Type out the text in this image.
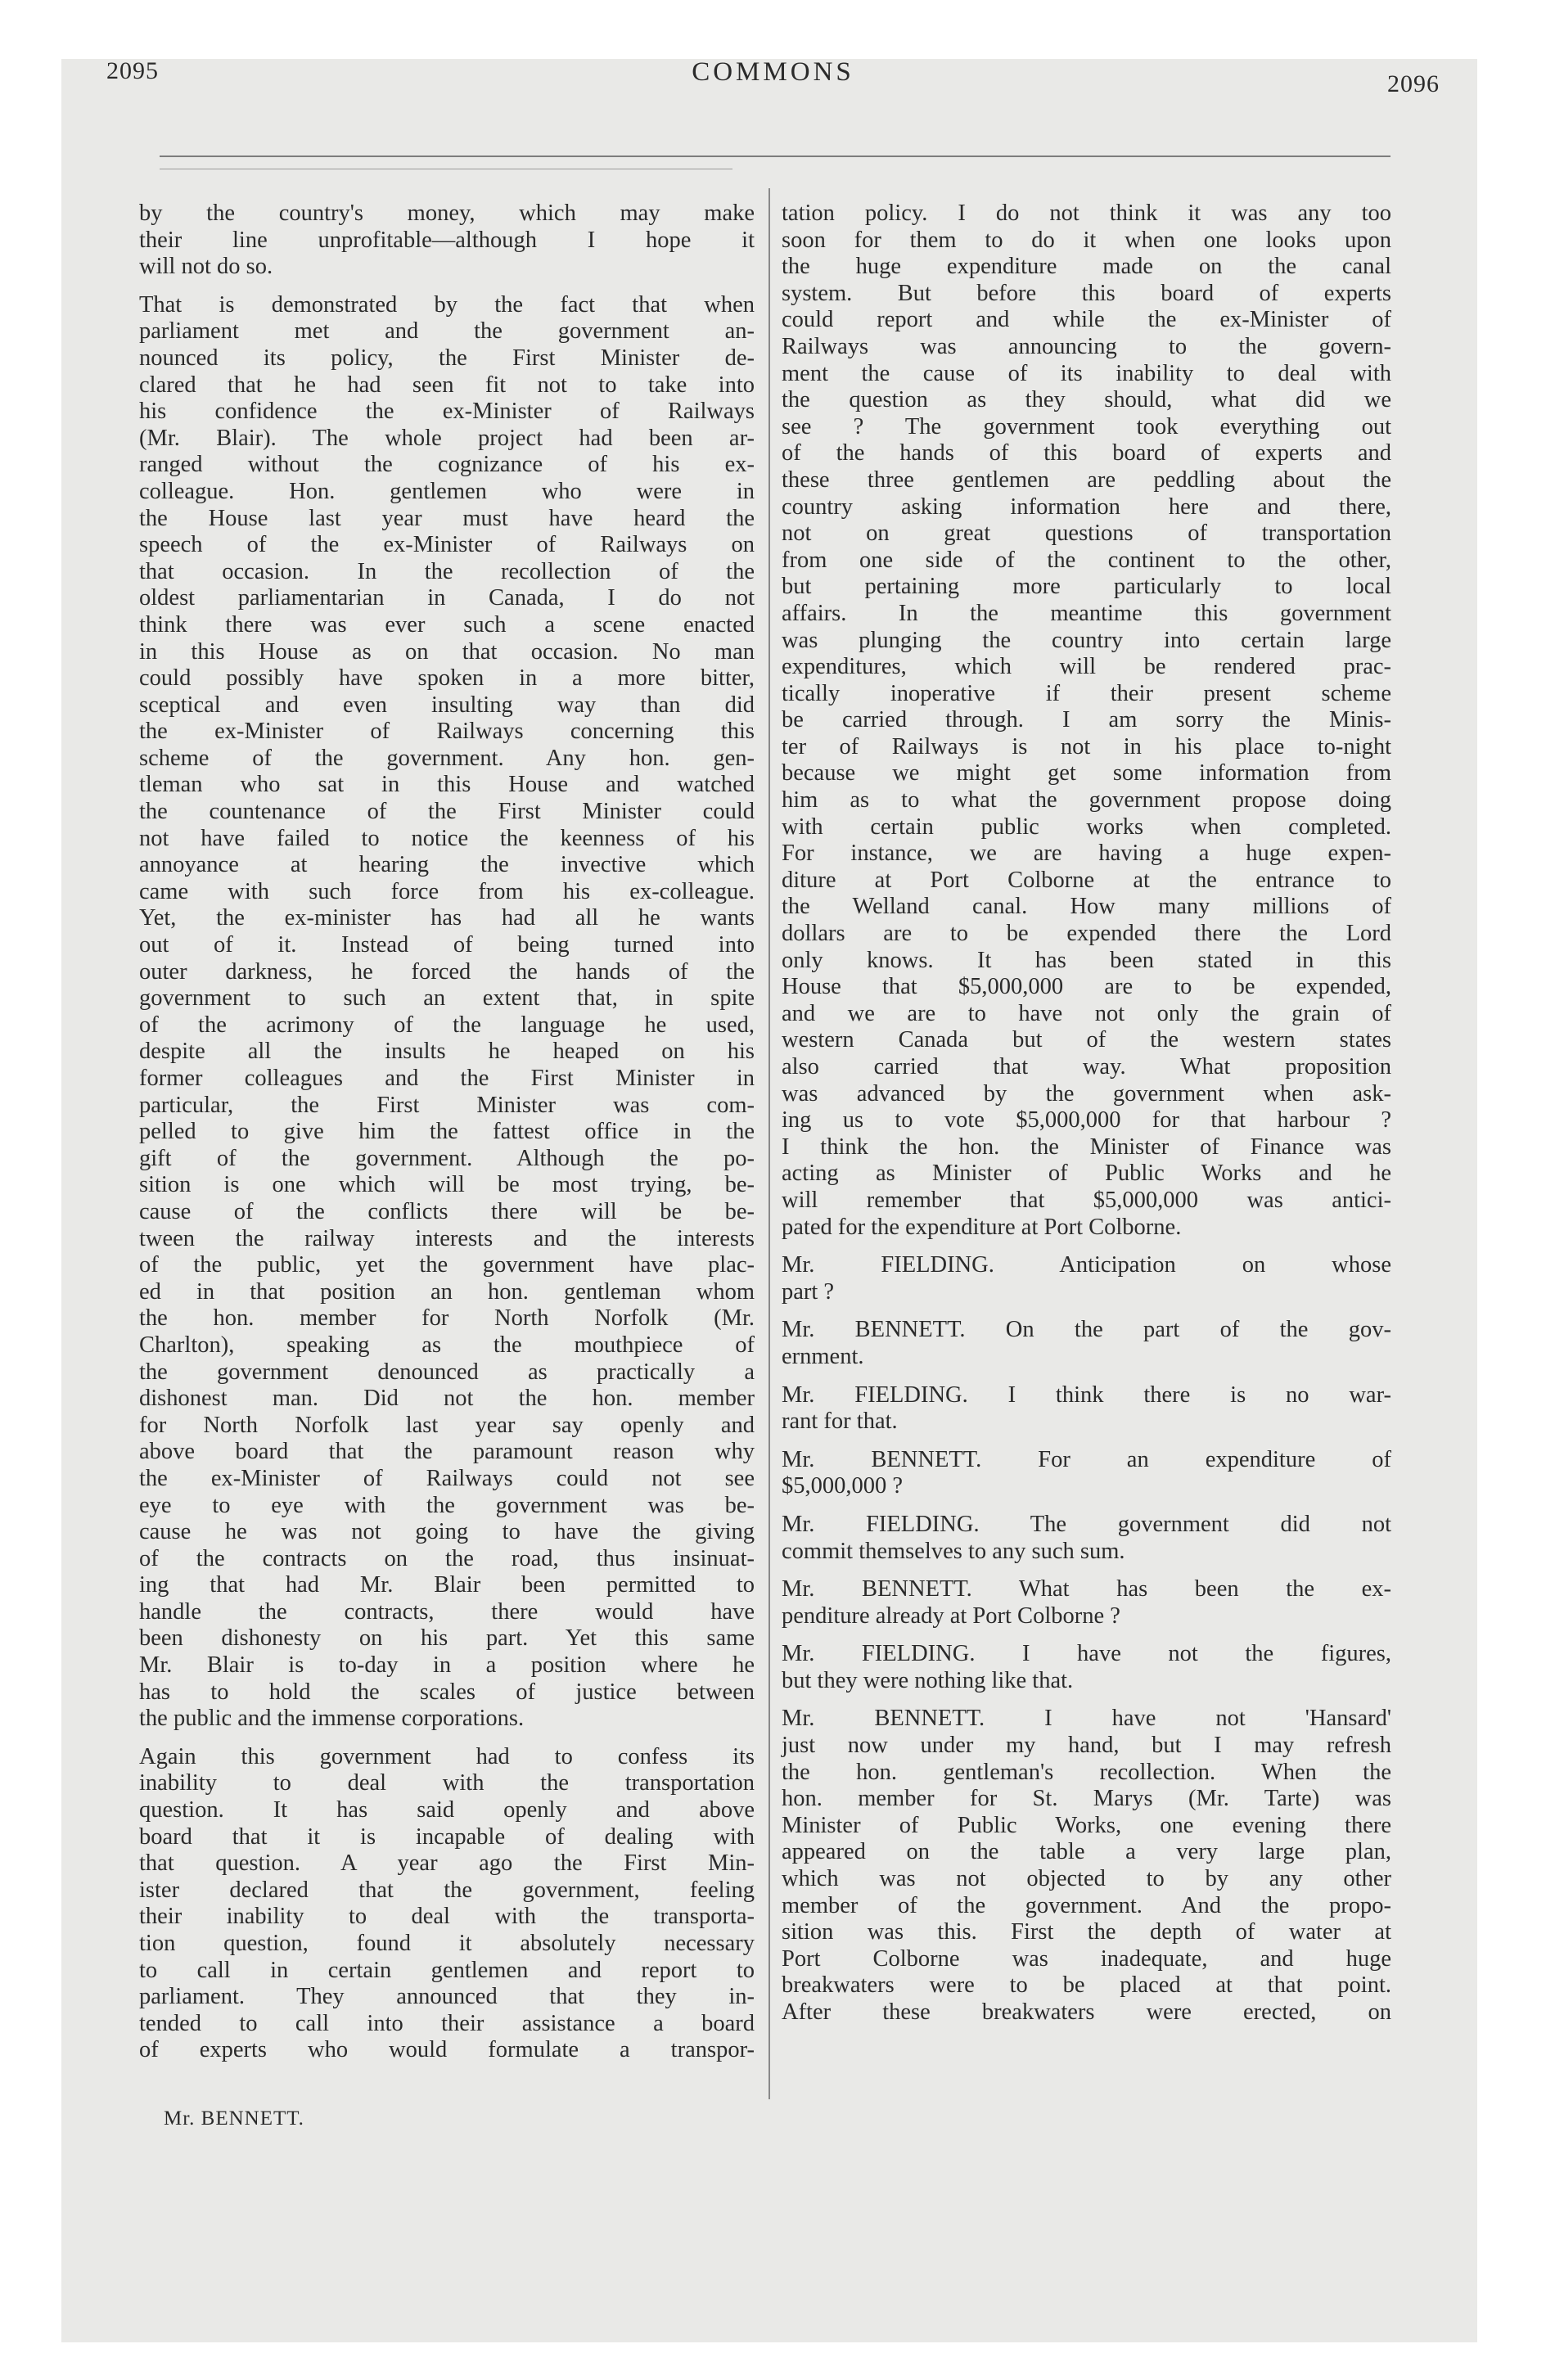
2095	COMMONS	2096
by the country's money, which may make
their line unprofitable—although I hope it
will not do so.
That is demonstrated by the fact that when
parliament met and the government an-
nounced its policy, the First Minister de-
clared that he had seen fit not to take into
his confidence the ex-Minister of Railways
(Mr. Blair). The whole project had been ar-
ranged without the cognizance of his ex-
colleague. Hon. gentlemen who were in
the House last year must have heard the
speech of the ex-Minister of Railways on
that occasion. In the recollection of the
oldest parliamentarian in Canada, I do not
think there was ever such a scene enacted
in this House as on that occasion. No man
could possibly have spoken in a more bitter,
sceptical and even insulting way than did
the ex-Minister of Railways concerning this
scheme of the government. Any hon. gen-
tleman who sat in this House and watched
the countenance of the First Minister could
not have failed to notice the keenness of his
annoyance at hearing the invective which
came with such force from his ex-colleague.
Yet, the ex-minister has had all he wants
out of it. Instead of being turned into
outer darkness, he forced the hands of the
government to such an extent that, in spite
of the acrimony of the language he used,
despite all the insults he heaped on his
former colleagues and the First Minister in
particular, the First Minister was com-
pelled to give him the fattest office in the
gift of the government. Although the po-
sition is one which will be most trying, be-
cause of the conflicts there will be be-
tween the railway interests and the interests
of the public, yet the government have plac-
ed in that position an hon. gentleman whom
the hon. member for North Norfolk (Mr.
Charlton), speaking as the mouthpiece of
the government denounced as practically a
dishonest man. Did not the hon. member
for North Norfolk last year say openly and
above board that the paramount reason why
the ex-Minister of Railways could not see
eye to eye with the government was be-
cause he was not going to have the giving
of the contracts on the road, thus insinuat-
ing that had Mr. Blair been permitted to
handle the contracts, there would have
been dishonesty on his part. Yet this same
Mr. Blair is to-day in a position where he
has to hold the scales of justice between
the public and the immense corporations.
Again this government had to confess its
inability to deal with the transportation
question. It has said openly and above
board that it is incapable of dealing with
that question. A year ago the First Min-
ister declared that the government, feeling
their inability to deal with the transporta-
tion question, found it absolutely necessary
to call in certain gentlemen and report to
parliament. They announced that they in-
tended to call into their assistance a board
of experts who would formulate a transpor-
tation policy. I do not think it was any too
soon for them to do it when one looks upon
the huge expenditure made on the canal
system. But before this board of experts
could report and while the ex-Minister of
Railways was announcing to the govern-
ment the cause of its inability to deal with
the question as they should, what did we
see ? The government took everything out
of the hands of this board of experts and
these three gentlemen are peddling about the
country asking information here and there,
not on great questions of transportation
from one side of the continent to the other,
but pertaining more particularly to local
affairs. In the meantime this government
was plunging the country into certain large
expenditures, which will be rendered prac-
tically inoperative if their present scheme
be carried through. I am sorry the Minis-
ter of Railways is not in his place to-night
because we might get some information from
him as to what the government propose doing
with certain public works when completed.
For instance, we are having a huge expen-
diture at Port Colborne at the entrance to
the Welland canal. How many millions of
dollars are to be expended there the Lord
only knows. It has been stated in this
House that $5,000,000 are to be expended,
and we are to have not only the grain of
western Canada but of the western states
also carried that way. What proposition
was advanced by the government when ask-
ing us to vote $5,000,000 for that harbour ?
I think the hon. the Minister of Finance was
acting as Minister of Public Works and he
will remember that $5,000,000 was antici-
pated for the expenditure at Port Colborne.
Mr. FIELDING. Anticipation on whose
part ?
Mr. BENNETT. On the part of the gov-
ernment.
Mr. FIELDING. I think there is no war-
rant for that.
Mr. BENNETT. For an expenditure of
$5,000,000 ?
Mr. FIELDING. The government did not
commit themselves to any such sum.
Mr. BENNETT. What has been the ex-
penditure already at Port Colborne ?
Mr. FIELDING. I have not the figures,
but they were nothing like that.
Mr. BENNETT. I have not 'Hansard'
just now under my hand, but I may refresh
the hon. gentleman's recollection. When the
hon. member for St. Marys (Mr. Tarte) was
Minister of Public Works, one evening there
appeared on the table a very large plan,
which was not objected to by any other
member of the government. And the propo-
sition was this. First the depth of water at
Port Colborne was inadequate, and huge
breakwaters were to be placed at that point.
After these breakwaters were erected, on
Mr. BENNETT.
